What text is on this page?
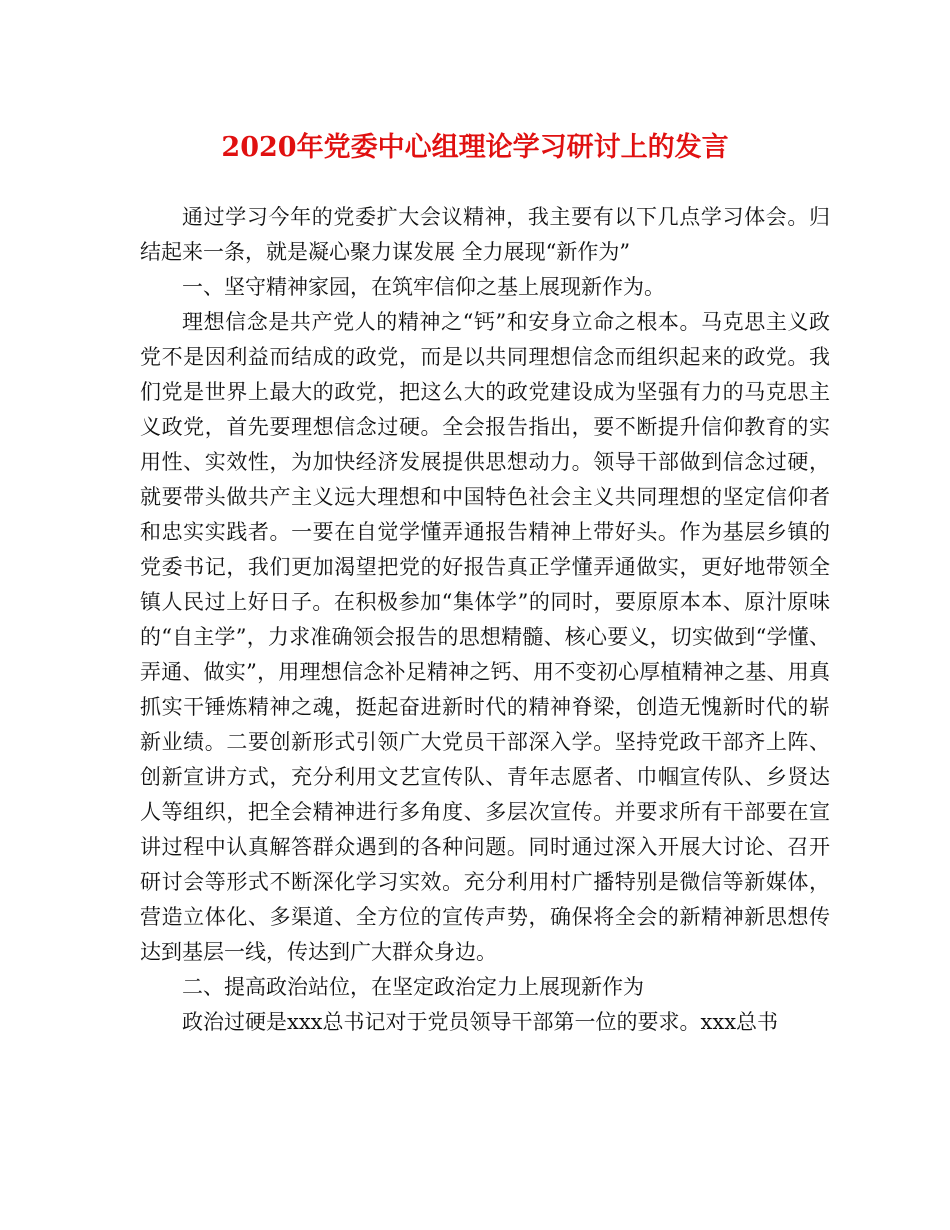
2020年党委中心组理论学习研讨上的发言

通过学习今年的党委扩大会议精神，我主要有以下几点学习体会。归结起来一条，就是凝心聚力谋发展 全力展现“新作为”

一、坚守精神家园，在筑牢信仰之基上展现新作为。

理想信念是共产党人的精神之“钙”和安身立命之根本。马克思主义政党不是因利益而结成的政党，而是以共同理想信念而组织起来的政党。我们党是世界上最大的政党，把这么大的政党建设成为坚强有力的马克思主义政党，首先要理想信念过硬。全会报告指出，要不断提升信仰教育的实用性、实效性，为加快经济发展提供思想动力。领导干部做到信念过硬，就要带头做共产主义远大理想和中国特色社会主义共同理想的坚定信仰者和忠实实践者。一要在自觉学懂弄通报告精神上带好头。作为基层乡镇的党委书记，我们更加渴望把党的好报告真正学懂弄通做实，更好地带领全镇人民过上好日子。在积极参加“集体学”的同时，要原原本本、原汁原味的“自主学”，力求准确领会报告的思想精髓、核心要义，切实做到“学懂、弄通、做实”，用理想信念补足精神之钙、用不变初心厚植精神之基、用真抓实干锤炼精神之魂，挺起奋进新时代的精神脊梁，创造无愧新时代的崭新业绩。二要创新形式引领广大党员干部深入学。坚持党政干部齐上阵、创新宣讲方式，充分利用文艺宣传队、青年志愿者、巾帼宣传队、乡贤达人等组织，把全会精神进行多角度、多层次宣传。并要求所有干部要在宣讲过程中认真解答群众遇到的各种问题。同时通过深入开展大讨论、召开研讨会等形式不断深化学习实效。充分利用村广播特别是微信等新媒体，营造立体化、多渠道、全方位的宣传声势，确保将全会的新精神新思想传达到基层一线，传达到广大群众身边。

二、提高政治站位，在坚定政治定力上展现新作为

政治过硬是xxx总书记对于党员领导干部第一位的要求。xxx总书
